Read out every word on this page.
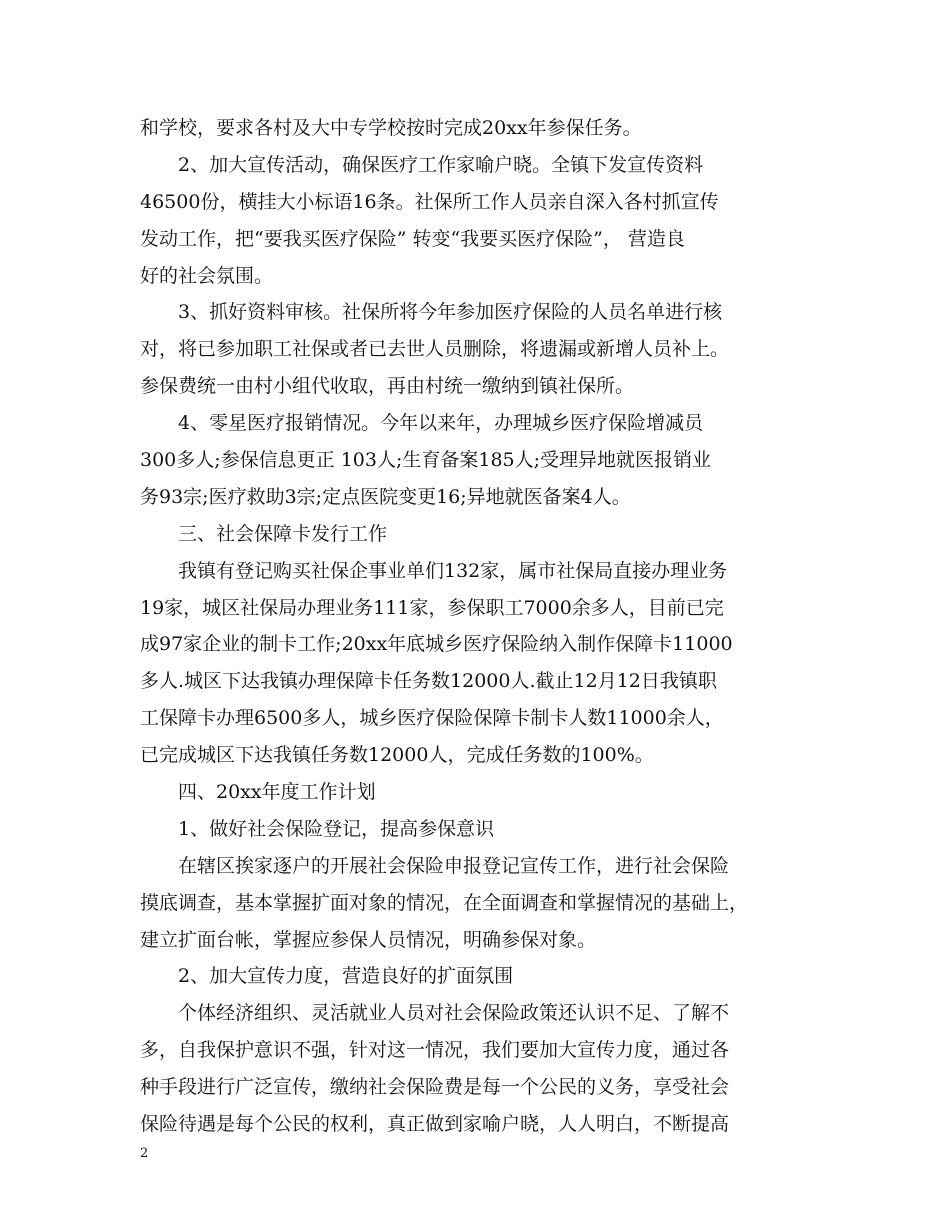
和学校，要求各村及大中专学校按时完成20xx年参保任务。
2、加大宣传活动，确保医疗工作家喻户晓。全镇下发宣传资料
46500份，横挂大小标语16条。社保所工作人员亲自深入各村抓宣传
发动工作，把“要我买医疗保险” 转变“我要买医疗保险”， 营造良
好的社会氛围。
3、抓好资料审核。社保所将今年参加医疗保险的人员名单进行核
对，将已参加职工社保或者已去世人员删除，将遗漏或新增人员补上。
参保费统一由村小组代收取，再由村统一缴纳到镇社保所。
4、零星医疗报销情况。今年以来年，办理城乡医疗保险增减员
300多人;参保信息更正 103人;生育备案185人;受理异地就医报销业
务93宗;医疗救助3宗;定点医院变更16;异地就医备案4人。
三、社会保障卡发行工作
我镇有登记购买社保企事业单们132家，属市社保局直接办理业务
19家，城区社保局办理业务111家，参保职工7000余多人，目前已完
成97家企业的制卡工作;20xx年底城乡医疗保险纳入制作保障卡11000
多人.城区下达我镇办理保障卡任务数12000人.截止12月12日我镇职
工保障卡办理6500多人，城乡医疗保险保障卡制卡人数11000余人，
已完成城区下达我镇任务数12000人，完成任务数的100%。
四、20xx年度工作计划
1、做好社会保险登记，提高参保意识
在辖区挨家逐户的开展社会保险申报登记宣传工作，进行社会保险
摸底调查，基本掌握扩面对象的情况，在全面调查和掌握情况的基础上，
建立扩面台帐，掌握应参保人员情况，明确参保对象。
2、加大宣传力度，营造良好的扩面氛围
个体经济组织、灵活就业人员对社会保险政策还认识不足、了解不
多，自我保护意识不强，针对这一情况，我们要加大宣传力度，通过各
种手段进行广泛宣传，缴纳社会保险费是每一个公民的义务，享受社会
保险待遇是每个公民的权利，真正做到家喻户晓，人人明白，不断提高
2
